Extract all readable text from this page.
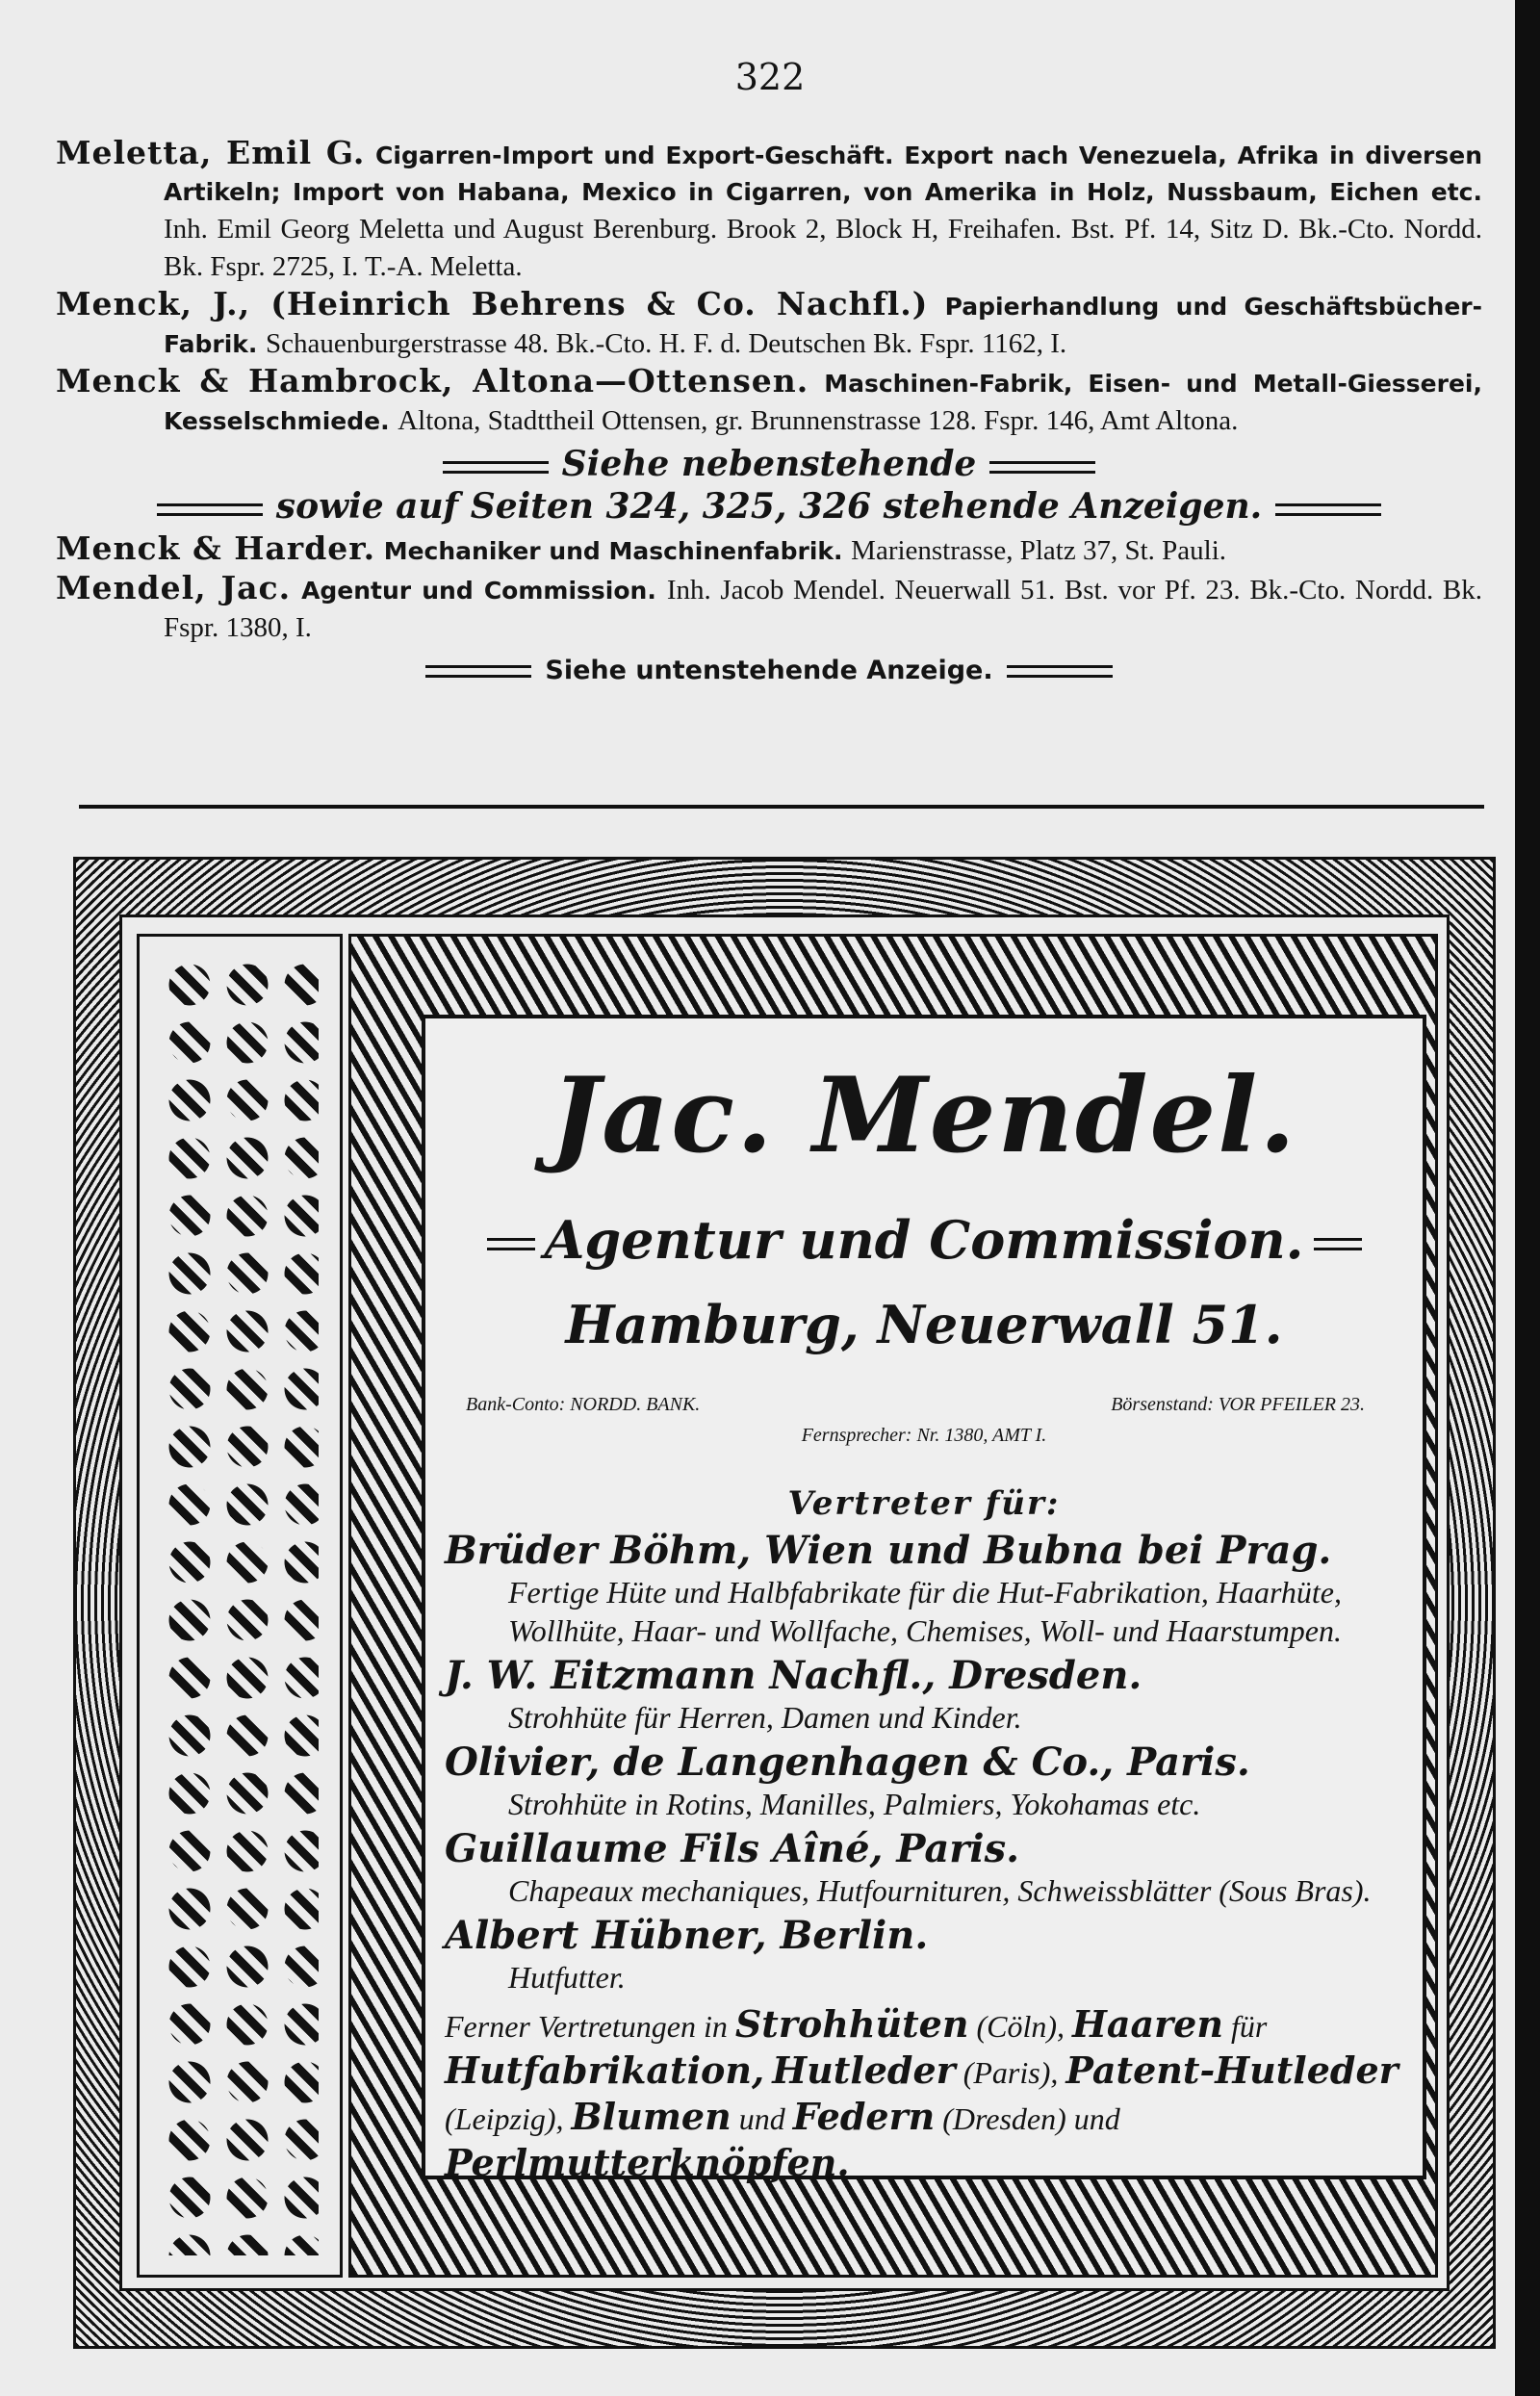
322

Meletta, Emil G. Cigarren-Import und Export-Geschäft. Export nach Venezuela, Afrika in diversen Artikeln; Import von Habana, Mexico in Cigarren, von Amerika in Holz, Nussbaum, Eichen etc. Inh. Emil Georg Meletta und August Berenburg. Brook 2, Block H, Freihafen. Bst. Pf. 14, Sitz D. Bk.-Cto. Nordd. Bk. Fspr. 2725, I. T.-A. Meletta.

Menck, J., (Heinrich Behrens & Co. Nachfl.) Papierhandlung und Geschäftsbücher-Fabrik. Schauenburgerstrasse 48. Bk.-Cto. H. F. d. Deutschen Bk. Fspr. 1162, I.

Menck & Hambrock, Altona—Ottensen. Maschinen-Fabrik, Eisen- und Metall-Giesserei, Kesselschmiede. Altona, Stadttheil Ottensen, gr. Brunnenstrasse 128. Fspr. 146, Amt Altona.

Siehe nebenstehende
sowie auf Seiten 324, 325, 326 stehende Anzeigen.

Menck & Harder. Mechaniker und Maschinenfabrik. Marienstrasse, Platz 37, St. Pauli.

Mendel, Jac. Agentur und Commission. Inh. Jacob Mendel. Neuerwall 51. Bst. vor Pf. 23. Bk.-Cto. Nordd. Bk. Fspr. 1380, I.

Siehe untenstehende Anzeige.
Jac. Mendel.
Agentur und Commission.
Hamburg, Neuerwall 51.
Bank-Conto: NORDD. BANK.	Börsenstand: VOR PFEILER 23.
Fernsprecher: Nr. 1380, AMT I.
Vertreter für:

Brüder Böhm, Wien und Bubna bei Prag.

Fertige Hüte und Halbfabrikate für die Hut-Fabrikation, Haarhüte, Wollhüte, Haar- und Wollfache, Chemises, Woll- und Haarstumpen.

J. W. Eitzmann Nachfl., Dresden.

Strohhüte für Herren, Damen und Kinder.

Olivier, de Langenhagen & Co., Paris.

Strohhüte in Rotins, Manilles, Palmiers, Yokohamas etc.

Guillaume Fils Aîné, Paris.

Chapeaux mechaniques, Hutfournituren, Schweissblätter (Sous Bras).

Albert Hübner, Berlin.

Hutfutter.

Ferner Vertretungen in Strohhüten (Cöln), Haaren für Hutfabrikation, Hutleder (Paris), Patent-Hutleder (Leipzig), Blumen und Federn (Dresden) und Perlmutterknöpfen.
